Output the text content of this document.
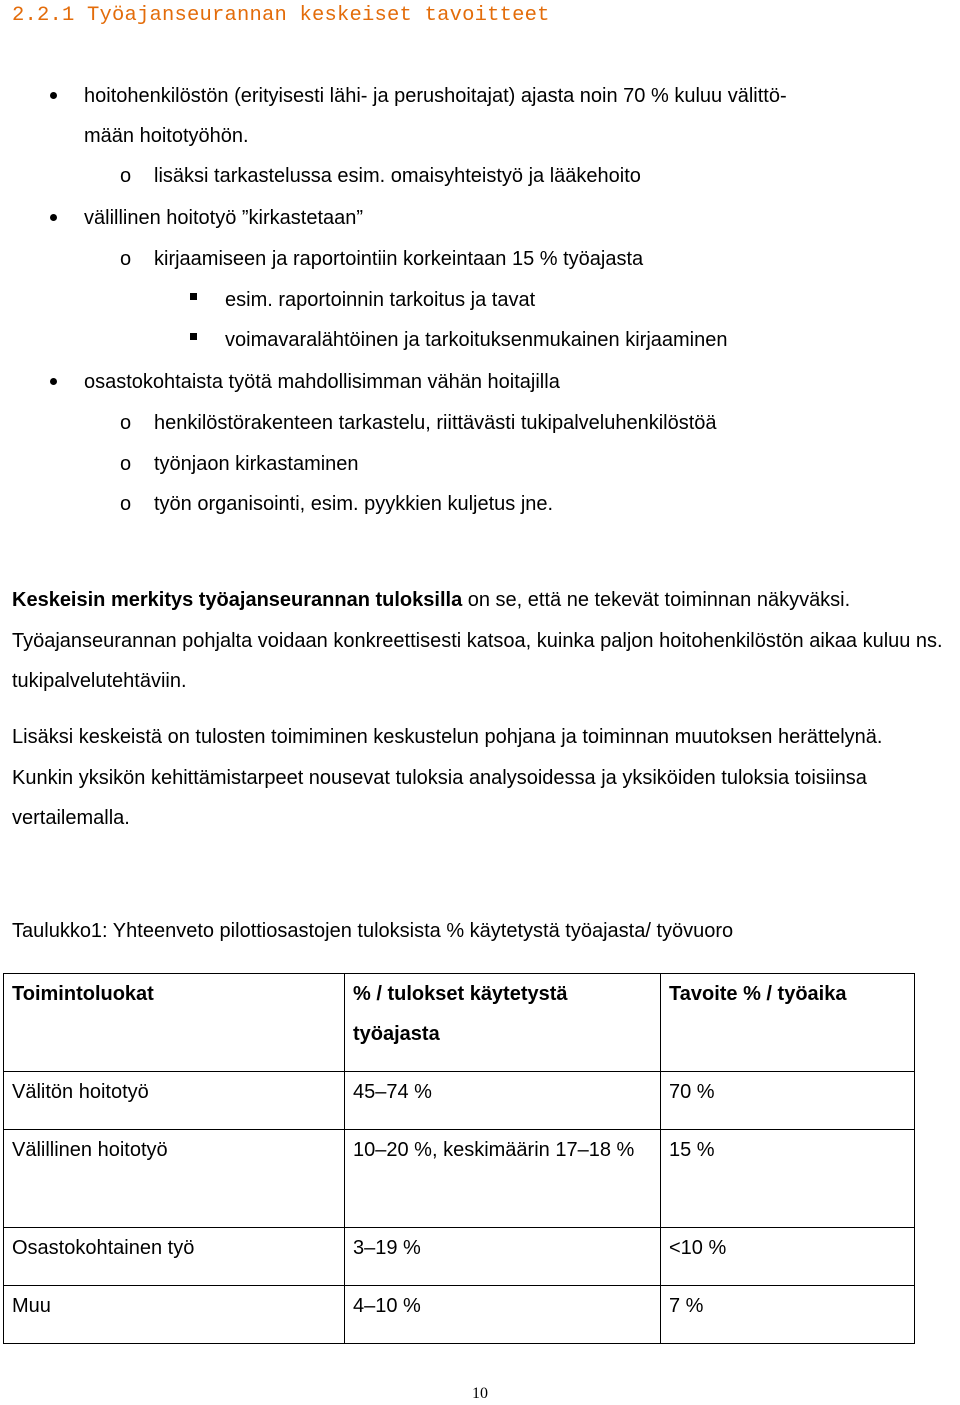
2.2.1 Työajanseurannan keskeiset tavoitteet
hoitohenkilöstön (erityisesti lähi- ja perushoitajat) ajasta noin 70 % kuluu välittö-
mään hoitotyöhön.
o lisäksi tarkastelussa esim. omaisyhteistyö ja lääkehoito
välillinen hoitotyö ”kirkastetaan”
o kirjaamiseen ja raportointiin korkeintaan 15 % työajasta
esim. raportoinnin tarkoitus ja tavat
voimavaralähtöinen ja tarkoituksenmukainen kirjaaminen
osastokohtaista työtä mahdollisimman vähän hoitajilla
o henkilöstörakenteen tarkastelu, riittävästi tukipalveluhenkilöstöä
o työnjaon kirkastaminen
o työn organisointi, esim. pyykkien kuljetus jne.

Keskeisin merkitys työajanseurannan tuloksilla on se, että ne tekevät toiminnan näkyväksi. Työajanseurannan pohjalta voidaan konkreettisesti katsoa, kuinka paljon hoitohenkilöstön aikaa kuluu ns. tukipalvelutehtäviin.

Lisäksi keskeistä on tulosten toimiminen keskustelun pohjana ja toiminnan muutoksen herättelynä. Kunkin yksikön kehittämistarpeet nousevat tuloksia analysoidessa ja yksiköiden tuloksia toisiinsa vertailemalla.

Taulukko1: Yhteenveto pilottiosastojen tuloksista % käytetystä työajasta/ työvuoro
Toimintoluokat	% / tulokset käytetystä työajasta	Tavoite % / työaika
Välitön hoitotyö	45–74 %	70 %
Välillinen hoitotyö	10–20 %, keskimäärin 17–18 %	15 %
Osastokohtainen työ	3–19 %	<10 %
Muu	4–10 %	7 %
10
